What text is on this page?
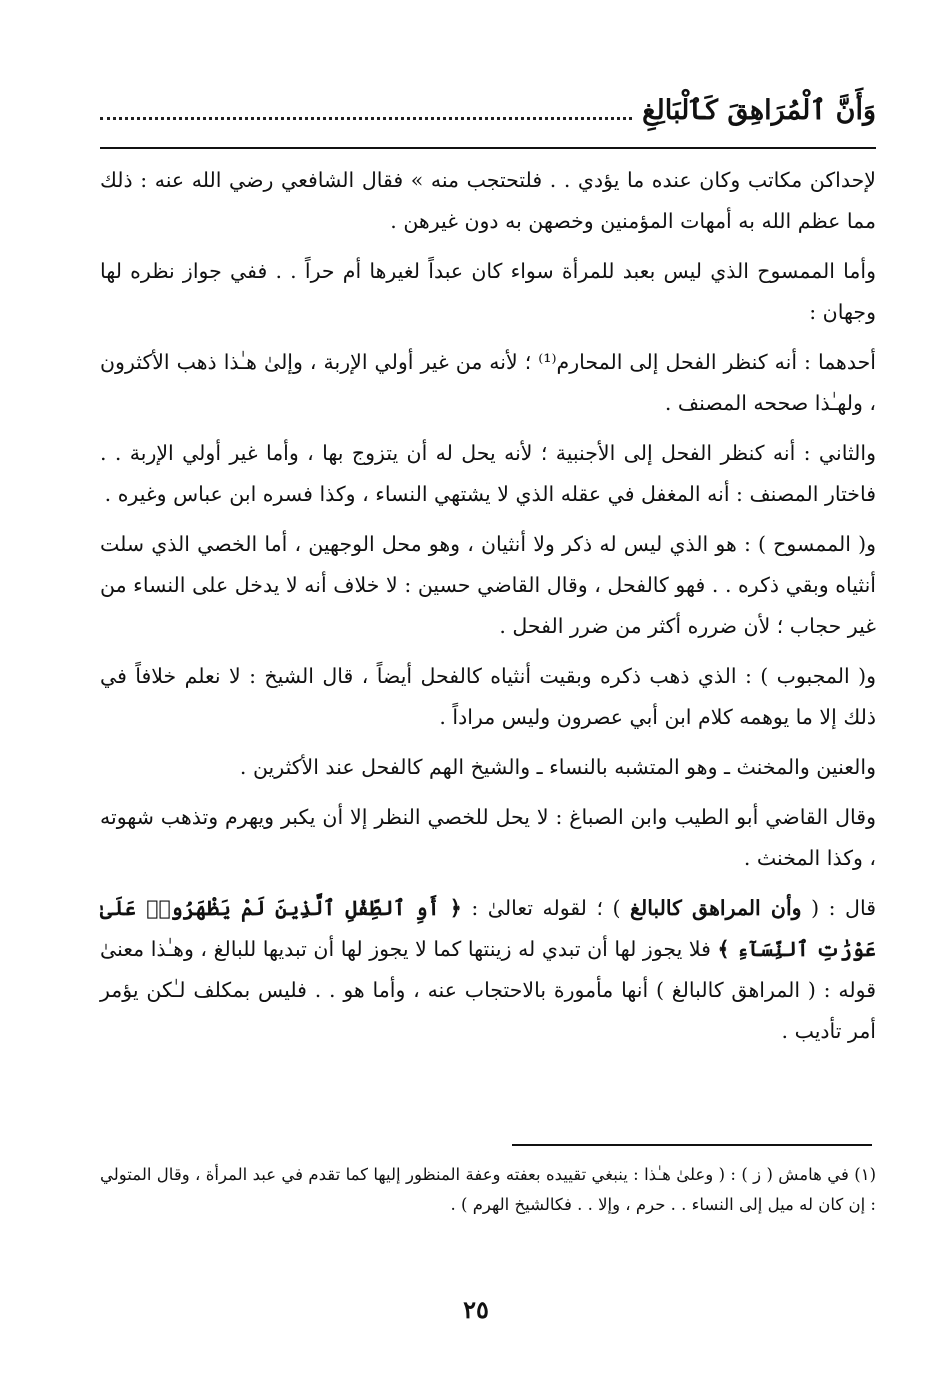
وَأَنَّ ٱلْمُرَاهِقَ كَٱلْبَالِغِ

لإحداكن مكاتب وكان عنده ما يؤدي . . فلتحتجب منه » فقال الشافعي رضي الله عنه : ذلك مما عظم الله به أمهات المؤمنين وخصهن به دون غيرهن .

وأما الممسوح الذي ليس بعبد للمرأة سواء كان عبداً لغيرها أم حراً . . ففي جواز نظره لها وجهان :

أحدهما : أنه كنظر الفحل إلى المحارم⁽¹⁾ ؛ لأنه من غير أولي الإربة ، وإلىٰ هـٰذا ذهب الأكثرون ، ولهـٰذا صححه المصنف .

والثاني : أنه كنظر الفحل إلى الأجنبية ؛ لأنه يحل له أن يتزوج بها ، وأما غير أولي الإربة . . فاختار المصنف : أنه المغفل في عقله الذي لا يشتهي النساء ، وكذا فسره ابن عباس وغيره .

و( الممسوح ) : هو الذي ليس له ذكر ولا أنثيان ، وهو محل الوجهين ، أما الخصي الذي سلت أنثياه وبقي ذكره . . فهو كالفحل ، وقال القاضي حسين : لا خلاف أنه لا يدخل على النساء من غير حجاب ؛ لأن ضرره أكثر من ضرر الفحل .

و( المجبوب ) : الذي ذهب ذكره وبقيت أنثياه كالفحل أيضاً ، قال الشيخ : لا نعلم خلافاً في ذلك إلا ما يوهمه كلام ابن أبي عصرون وليس مراداً .

والعنين والمخنث ـ وهو المتشبه بالنساء ـ والشيخ الهم كالفحل عند الأكثرين .

وقال القاضي أبو الطيب وابن الصباغ : لا يحل للخصي النظر إلا أن يكبر ويهرم وتذهب شهوته ، وكذا المخنث .

قال : ( وأن المراهق كالبالغ ) ؛ لقوله تعالىٰ : ﴿ أَوِ ٱلطِّفْلِ ٱلَّذِينَ لَمْ يَظْهَرُوا۟ عَلَىٰ عَوْرَٰتِ ٱلنِّسَآءِ ﴾ فلا يجوز لها أن تبدي له زينتها كما لا يجوز لها أن تبديها للبالغ ، وهـٰذا معنىٰ قوله : ( المراهق كالبالغ ) أنها مأمورة بالاحتجاب عنه ، وأما هو . . فليس بمكلف لـٰكن يؤمر أمر تأديب .

(١) في هامش ( ز ) : ( وعلىٰ هـٰذا : ينبغي تقييده بعفته وعفة المنظور إليها كما تقدم في عبد المرأة ، وقال المتولي : إن كان له ميل إلى النساء . . حرم ، وإلا . . فكالشيخ الهرم ) .
٢٥
